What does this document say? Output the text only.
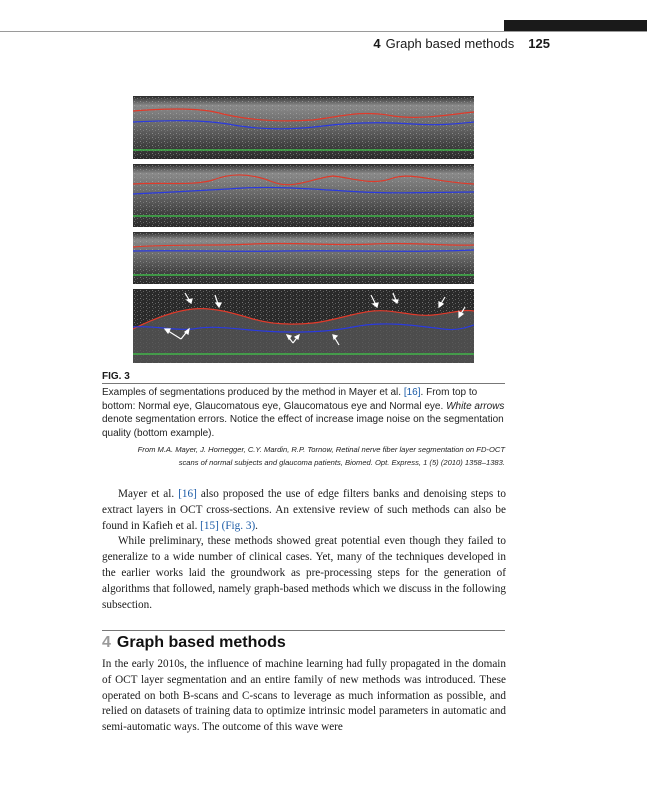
4 Graph based methods 125
FIG. 3
Examples of segmentations produced by the method in Mayer et al. [16]. From top to bottom: Normal eye, Glaucomatous eye, Glaucomatous eye and Normal eye. White arrows denote segmentation errors. Notice the effect of increase image noise on the segmentation quality (bottom example).
From M.A. Mayer, J. Hornegger, C.Y. Mardin, R.P. Tornow, Retinal nerve fiber layer segmentation on FD-OCT
scans of normal subjects and glaucoma patients, Biomed. Opt. Express, 1 (5) (2010) 1358–1383.

Mayer et al. [16] also proposed the use of edge filters banks and denoising steps to extract layers in OCT cross-sections. An extensive review of such methods can also be found in Kafieh et al. [15] (Fig. 3).

While preliminary, these methods showed great potential even though they failed to generalize to a wide number of clinical cases. Yet, many of the techniques developed in the earlier works laid the groundwork as pre-processing steps for the generation of algorithms that followed, namely graph-based methods which we discuss in the following subsection.

4 Graph based methods

In the early 2010s, the influence of machine learning had fully propagated in the domain of OCT layer segmentation and an entire family of new methods was introduced. These operated on both B-scans and C-scans to leverage as much information as possible, and relied on datasets of training data to optimize intrinsic model parameters in automatic and semi-automatic ways. The outcome of this wave were
